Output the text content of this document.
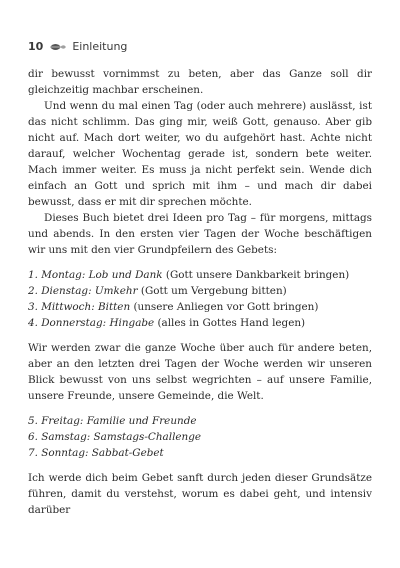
10	Einleitung

dir bewusst vornimmst zu beten, aber das Ganze soll dir gleichzeitig machbar erscheinen.

Und wenn du mal einen Tag (oder auch mehrere) auslässt, ist das nicht schlimm. Das ging mir, weiß Gott, genauso. Aber gib nicht auf. Mach dort weiter, wo du aufgehört hast. Achte nicht darauf, welcher Wochentag gerade ist, sondern bete weiter. Mach immer weiter. Es muss ja nicht perfekt sein. Wende dich einfach an Gott und sprich mit ihm – und mach dir dabei bewusst, dass er mit dir sprechen möchte.

Dieses Buch bietet drei Ideen pro Tag – für morgens, mittags und abends. In den ersten vier Tagen der Woche beschäftigen wir uns mit den vier Grundpfeilern des Gebets:

1. Montag: Lob und Dank (Gott unsere Dankbarkeit bringen)
2. Dienstag: Umkehr (Gott um Vergebung bitten)
3. Mittwoch: Bitten (unsere Anliegen vor Gott bringen)
4. Donnerstag: Hingabe (alles in Gottes Hand legen)

Wir werden zwar die ganze Woche über auch für andere beten, aber an den letzten drei Tagen der Woche werden wir unseren Blick bewusst von uns selbst wegrichten – auf unsere Familie, unsere Freunde, unsere Gemeinde, die Welt.

5. Freitag: Familie und Freunde
6. Samstag: Samstags-Challenge
7. Sonntag: Sabbat-Gebet

Ich werde dich beim Gebet sanft durch jeden dieser Grundsätze führen, damit du verstehst, worum es dabei geht, und intensiv darüber
